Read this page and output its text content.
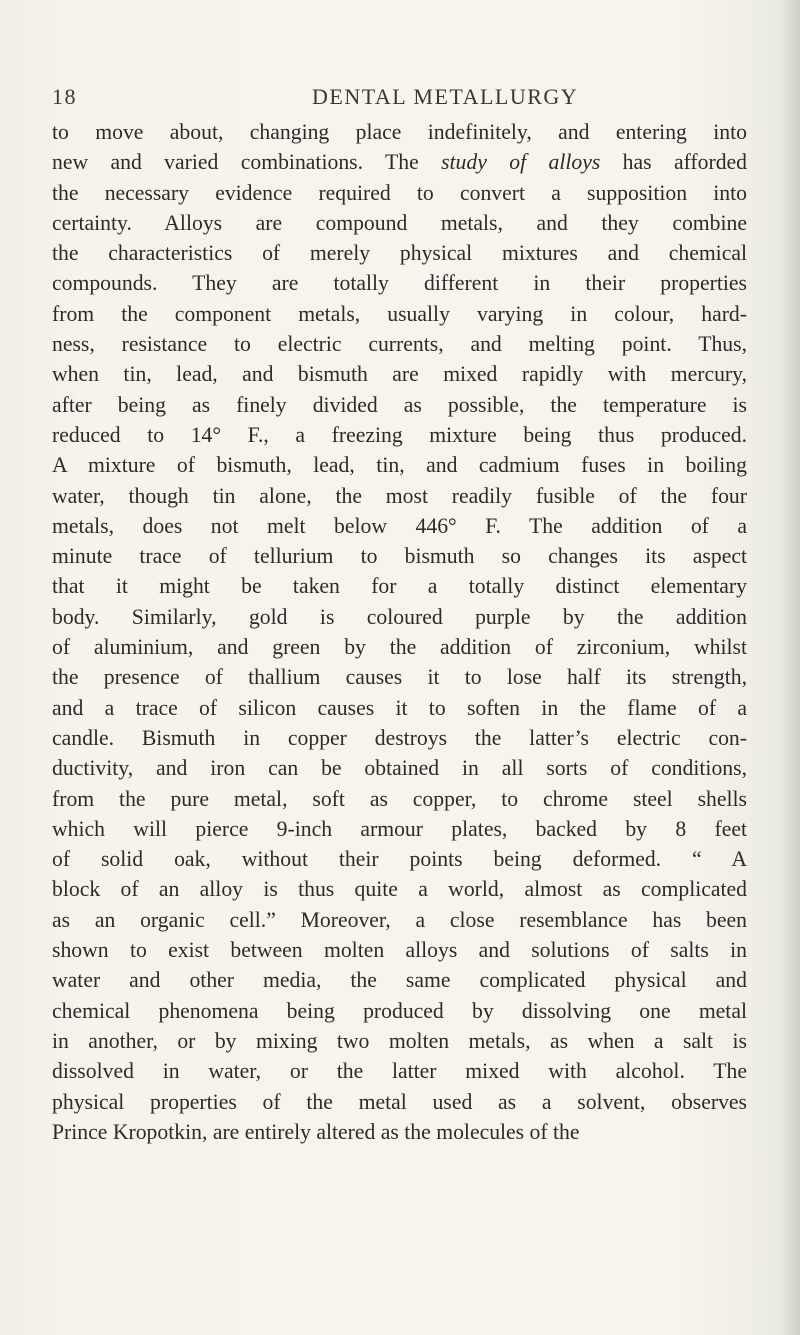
18	DENTAL METALLURGY
to move about, changing place indefinitely, and entering into
new and varied combinations. The study of alloys has afforded
the necessary evidence required to convert a supposition into
certainty. Alloys are compound metals, and they combine
the characteristics of merely physical mixtures and chemical
compounds. They are totally different in their properties
from the component metals, usually varying in colour, hard-
ness, resistance to electric currents, and melting point. Thus,
when tin, lead, and bismuth are mixed rapidly with mercury,
after being as finely divided as possible, the temperature is
reduced to 14° F., a freezing mixture being thus produced.
A mixture of bismuth, lead, tin, and cadmium fuses in boiling
water, though tin alone, the most readily fusible of the four
metals, does not melt below 446° F. The addition of a
minute trace of tellurium to bismuth so changes its aspect
that it might be taken for a totally distinct elementary
body. Similarly, gold is coloured purple by the addition
of aluminium, and green by the addition of zirconium, whilst
the presence of thallium causes it to lose half its strength,
and a trace of silicon causes it to soften in the flame of a
candle. Bismuth in copper destroys the latter’s electric con-
ductivity, and iron can be obtained in all sorts of conditions,
from the pure metal, soft as copper, to chrome steel shells
which will pierce 9-inch armour plates, backed by 8 feet
of solid oak, without their points being deformed. “ A
block of an alloy is thus quite a world, almost as complicated
as an organic cell.” Moreover, a close resemblance has been
shown to exist between molten alloys and solutions of salts in
water and other media, the same complicated physical and
chemical phenomena being produced by dissolving one metal
in another, or by mixing two molten metals, as when a salt is
dissolved in water, or the latter mixed with alcohol. The
physical properties of the metal used as a solvent, observes
Prince Kropotkin, are entirely altered as the molecules of the
